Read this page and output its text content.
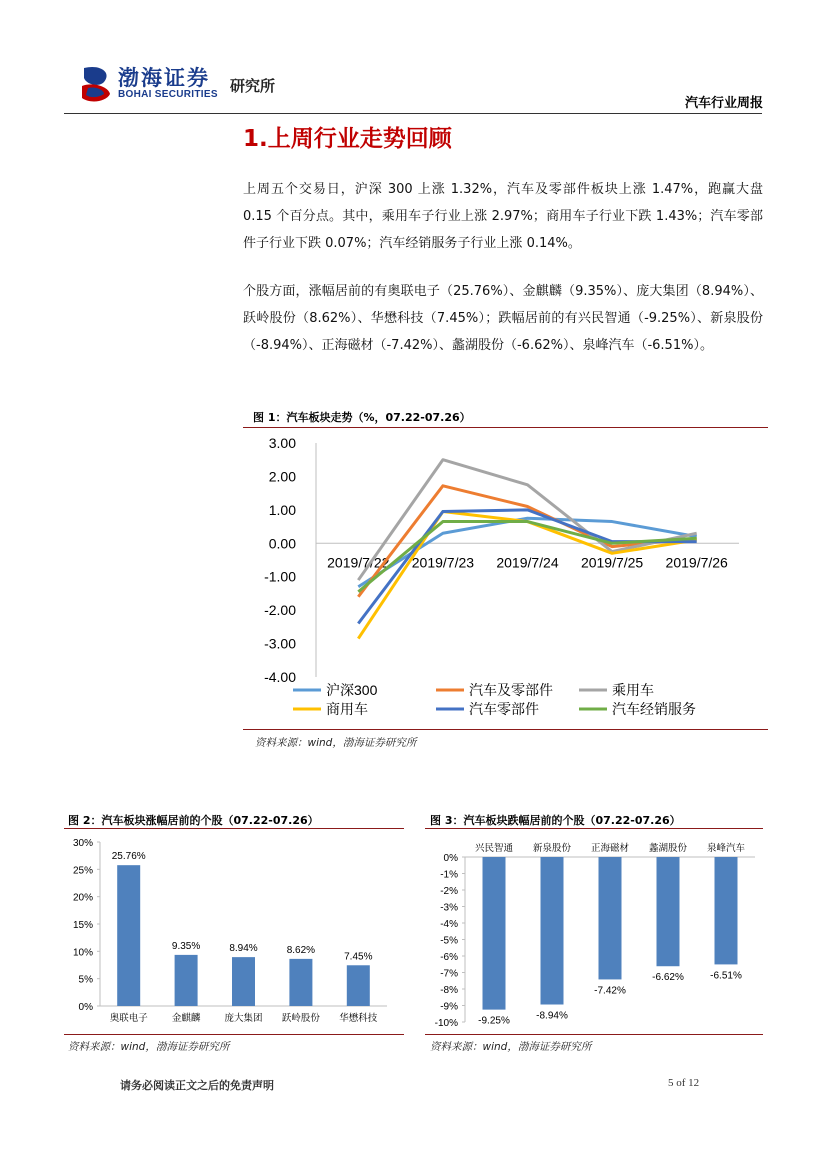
渤海证券
BOHAI SECURITIES 研究所
汽车行业周报
1.上周行业走势回顾
上周五个交易日，沪深 300 上涨 1.32%，汽车及零部件板块上涨 1.47%，跑赢大盘 0.15 个百分点。其中，乘用车子行业上涨 2.97%；商用车子行业下跌 1.43%；汽车零部件子行业下跌 0.07%；汽车经销服务子行业上涨 0.14%。
个股方面，涨幅居前的有奥联电子（25.76%）、金麒麟（9.35%）、庞大集团（8.94%）、跃岭股份（8.62%）、华懋科技（7.45%）；跌幅居前的有兴民智通（-9.25%）、新泉股份（-8.94%）、正海磁材（-7.42%）、蠡湖股份（-6.62%）、泉峰汽车（-6.51%）。
图 1：汽车板块走势（%，07.22-07.26）
3.00
2.00
1.00
0.00
-1.00
-2.00
-3.00
-4.00
2019/7/22 2019/7/23 2019/7/24 2019/7/25 2019/7/26
沪深300	汽车及零部件	乘用车
商用车	汽车零部件	汽车经销服务
资料来源：wind，渤海证券研究所
图 2：汽车板块涨幅居前的个股（07.22-07.26）
30%
25%
20%
15%
10%
5%
0%
25.76%
奥联电子
9.35%
金麒麟
8.94%
庞大集团
8.62%
跃岭股份
7.45%
华懋科技
资料来源：wind，渤海证券研究所
图 3：汽车板块跌幅居前的个股（07.22-07.26）
0%
-1%
-2%
-3%
-4%
-5%
-6%
-7%
-8%
-9%
-10% -9.25%
兴民智通
-8.94%
新泉股份
-7.42%
正海磁材
-6.62%
蠡湖股份
-6.51%
泉峰汽车
资料来源：wind，渤海证券研究所
请务必阅读正文之后的免责声明	5 of 12
